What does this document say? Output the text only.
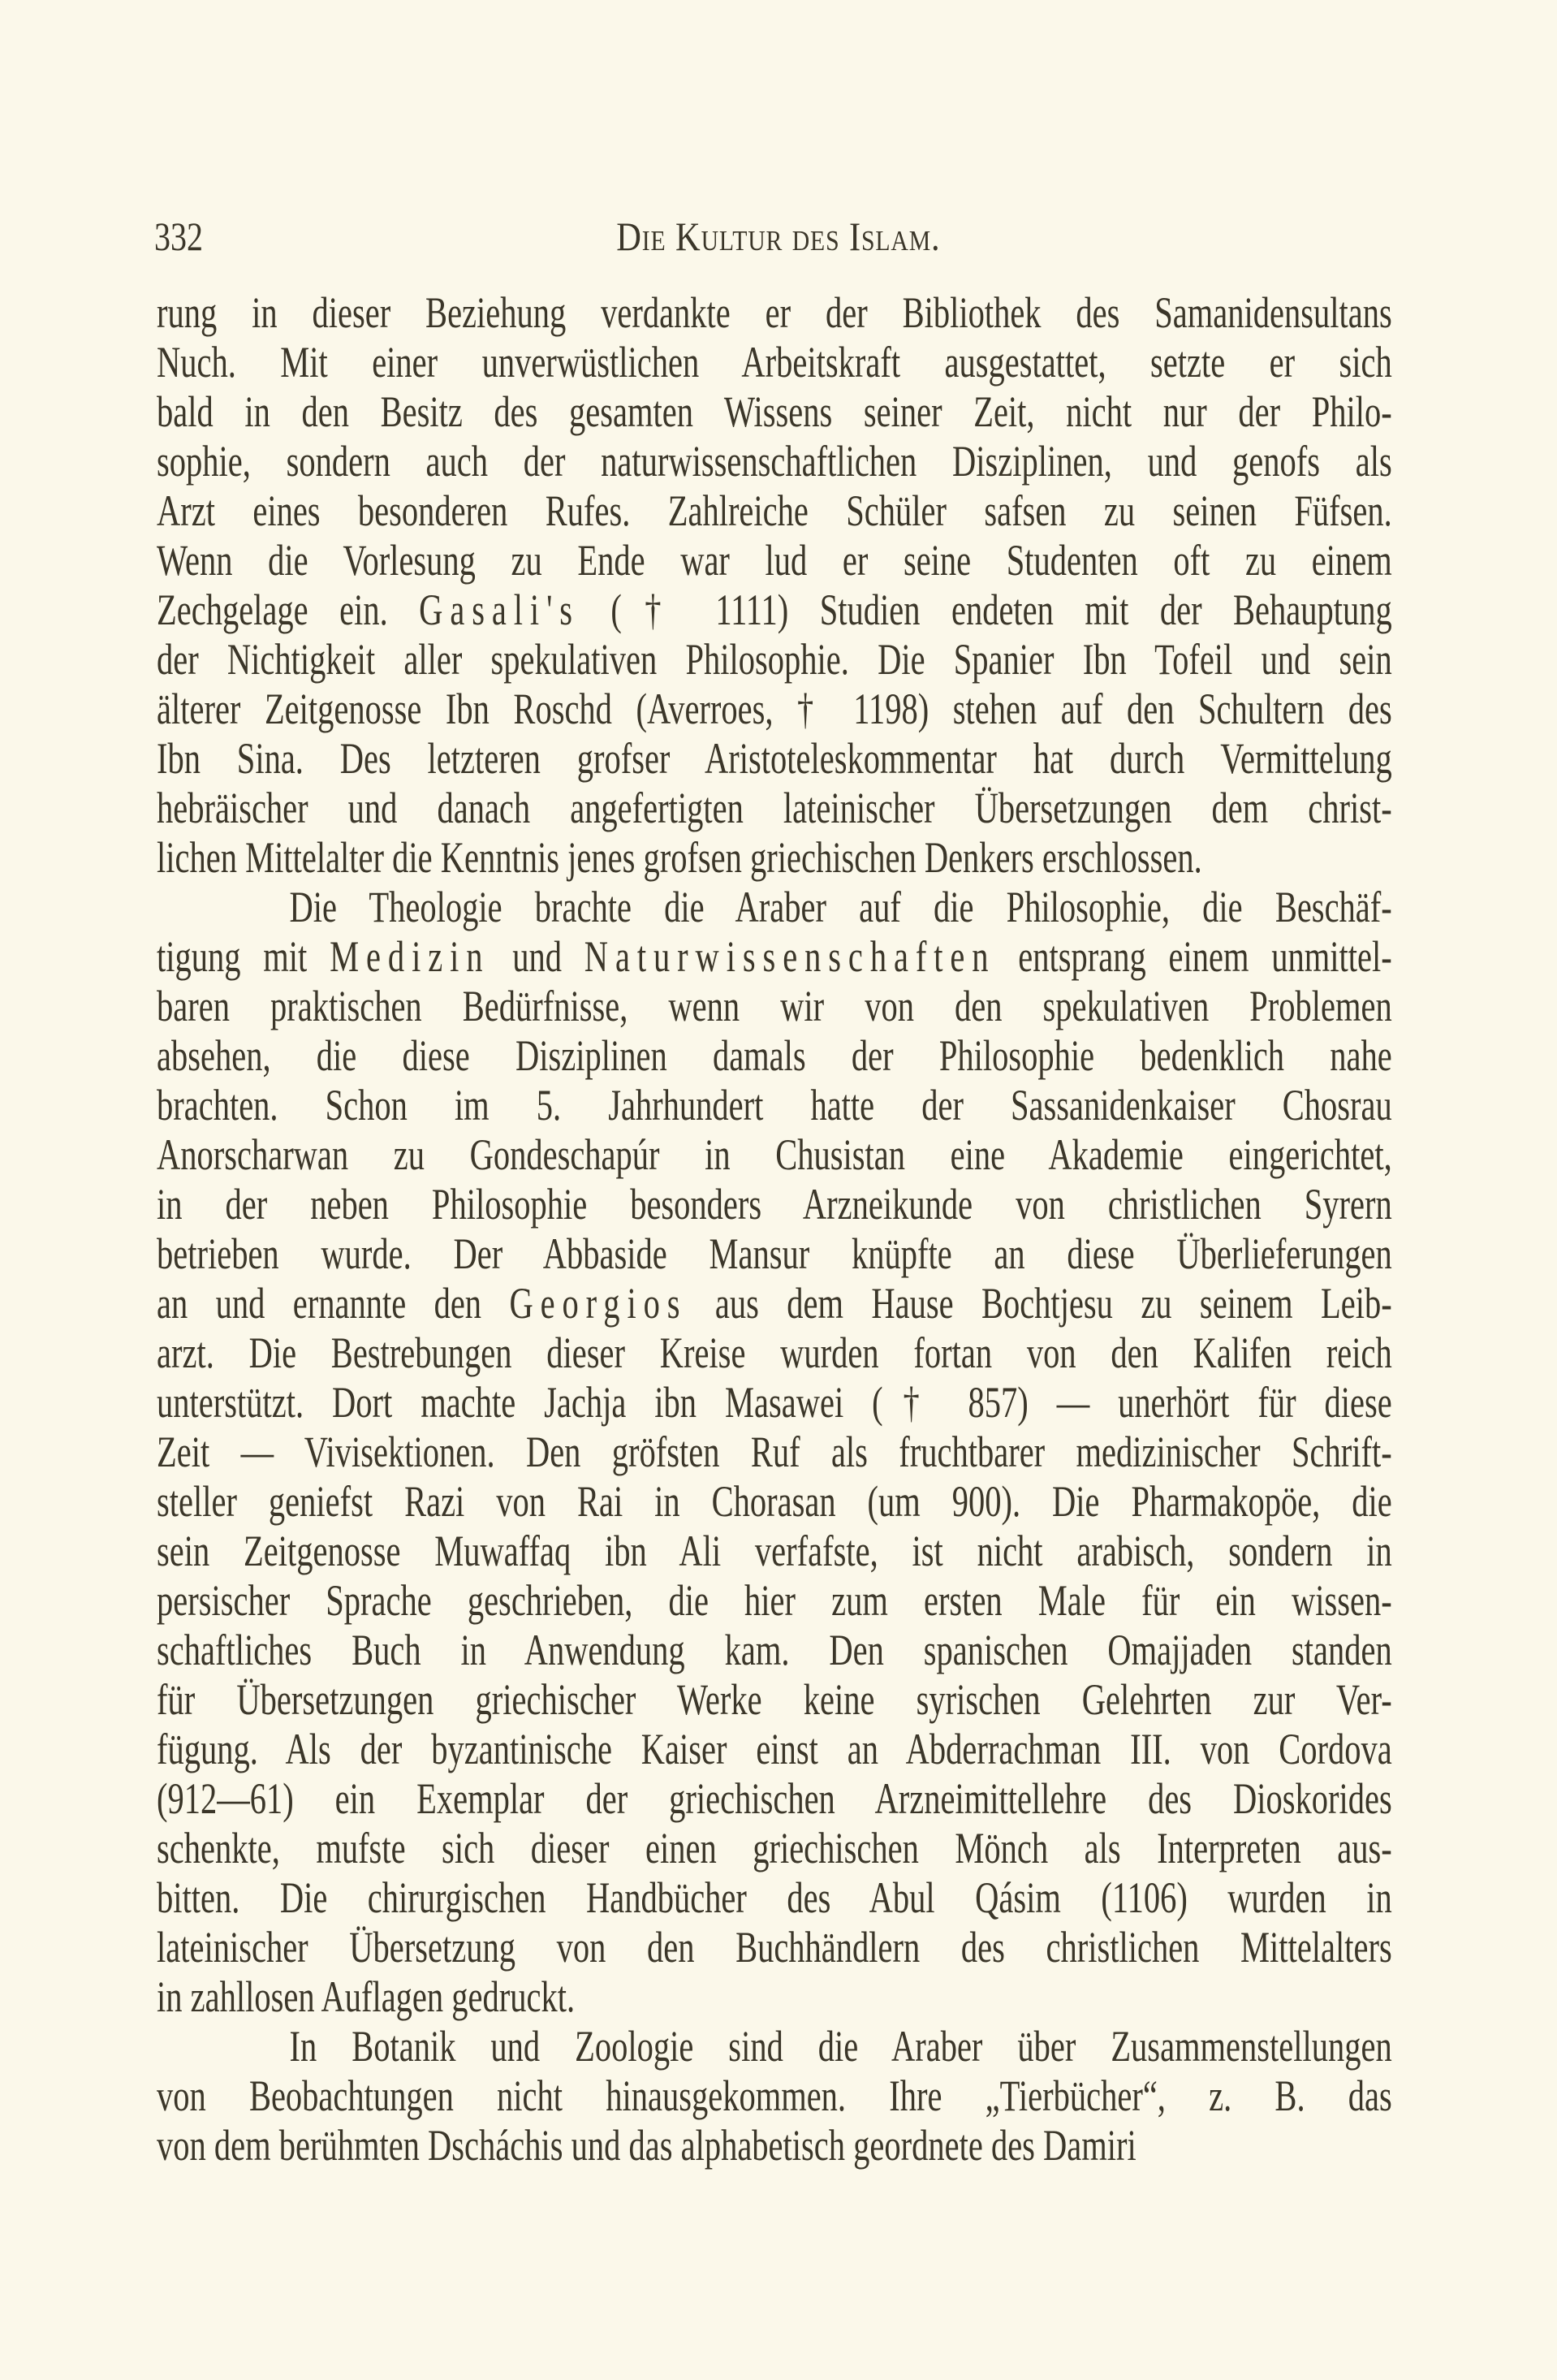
332	Die Kultur des Islam.
rung in dieser Beziehung verdankte er der Bibliothek des Samanidensultans
Nuch. Mit einer unverwüstlichen Arbeitskraft ausgestattet, setzte er sich
bald in den Besitz des gesamten Wissens seiner Zeit, nicht nur der Philo-
sophie, sondern auch der naturwissenschaftlichen Disziplinen, und genofs als
Arzt eines besonderen Rufes. Zahlreiche Schüler safsen zu seinen Füfsen.
Wenn die Vorlesung zu Ende war lud er seine Studenten oft zu einem
Zechgelage ein. Gasali's († 1111) Studien endeten mit der Behauptung
der Nichtigkeit aller spekulativen Philosophie. Die Spanier Ibn Tofeil und sein
älterer Zeitgenosse Ibn Roschd (Averroes, † 1198) stehen auf den Schultern des
Ibn Sina. Des letzteren grofser Aristoteleskommentar hat durch Vermittelung
hebräischer und danach angefertigten lateinischer Übersetzungen dem christ-
lichen Mittelalter die Kenntnis jenes grofsen griechischen Denkers erschlossen.
Die Theologie brachte die Araber auf die Philosophie, die Beschäf-
tigung mit Medizin und Naturwissenschaften entsprang einem unmittel-
baren praktischen Bedürfnisse, wenn wir von den spekulativen Problemen
absehen, die diese Disziplinen damals der Philosophie bedenklich nahe
brachten. Schon im 5. Jahrhundert hatte der Sassanidenkaiser Chosrau
Anorscharwan zu Gondeschapúr in Chusistan eine Akademie eingerichtet,
in der neben Philosophie besonders Arzneikunde von christlichen Syrern
betrieben wurde. Der Abbaside Mansur knüpfte an diese Überlieferungen
an und ernannte den Georgios aus dem Hause Bochtjesu zu seinem Leib-
arzt. Die Bestrebungen dieser Kreise wurden fortan von den Kalifen reich
unterstützt. Dort machte Jachja ibn Masawei († 857) — unerhört für diese
Zeit — Vivisektionen. Den gröfsten Ruf als fruchtbarer medizinischer Schrift-
steller geniefst Razi von Rai in Chorasan (um 900). Die Pharmakopöe, die
sein Zeitgenosse Muwaffaq ibn Ali verfafste, ist nicht arabisch, sondern in
persischer Sprache geschrieben, die hier zum ersten Male für ein wissen-
schaftliches Buch in Anwendung kam. Den spanischen Omajjaden standen
für Übersetzungen griechischer Werke keine syrischen Gelehrten zur Ver-
fügung. Als der byzantinische Kaiser einst an Abderrachman III. von Cordova
(912—61) ein Exemplar der griechischen Arzneimittellehre des Dioskorides
schenkte, mufste sich dieser einen griechischen Mönch als Interpreten aus-
bitten. Die chirurgischen Handbücher des Abul Qásim (1106) wurden in
lateinischer Übersetzung von den Buchhändlern des christlichen Mittelalters
in zahllosen Auflagen gedruckt.
In Botanik und Zoologie sind die Araber über Zusammenstellungen
von Beobachtungen nicht hinausgekommen. Ihre „Tierbücher“, z. B. das
von dem berühmten Dscháchis und das alphabetisch geordnete des Damiri
